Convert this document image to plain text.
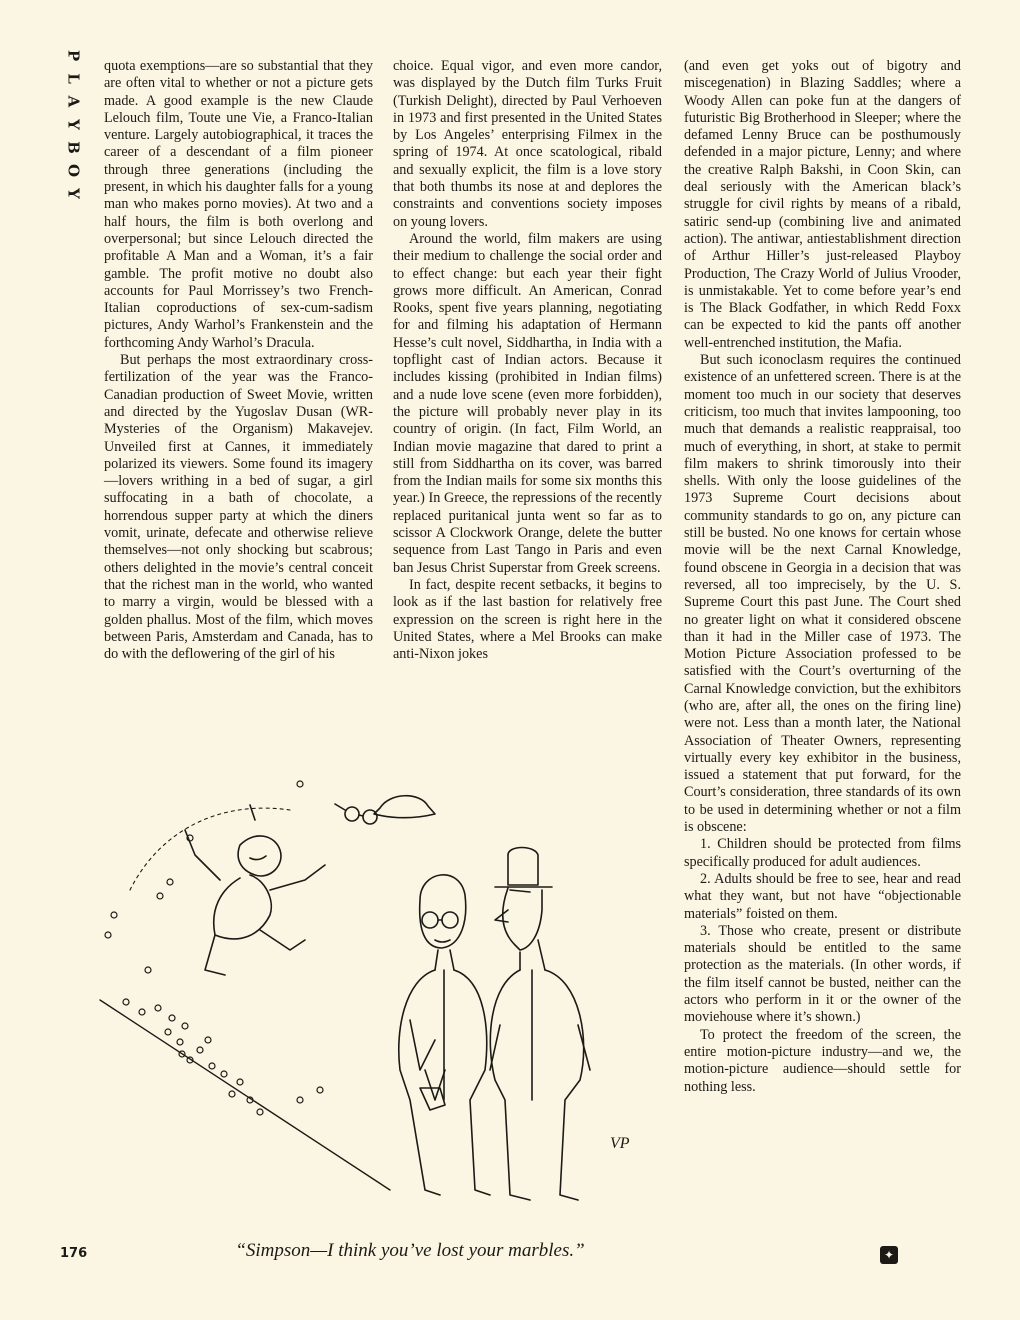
P
L
A
Y
B
O
Y

quota exemptions—are so substantial that they are often vital to whether or not a picture gets made. A good example is the new Claude Lelouch film, Toute une Vie, a Franco-Italian venture. Largely autobiographical, it traces the career of a descendant of a film pioneer through three generations (including the present, in which his daughter falls for a young man who makes porno movies). At two and a half hours, the film is both overlong and overpersonal; but since Lelouch directed the profitable A Man and a Woman, it’s a fair gamble. The profit motive no doubt also accounts for Paul Morrissey’s two French-Italian coproductions of sex-cum-sadism pictures, Andy Warhol’s Frankenstein and the forthcoming Andy Warhol’s Dracula.

But perhaps the most extraordinary cross-fertilization of the year was the Franco-Canadian production of Sweet Movie, written and directed by the Yugoslav Dusan (WR-Mysteries of the Organism) Makavejev. Unveiled first at Cannes, it immediately polarized its viewers. Some found its imagery—lovers writhing in a bed of sugar, a girl suffocating in a bath of chocolate, a horrendous supper party at which the diners vomit, urinate, defecate and otherwise relieve themselves—not only shocking but scabrous; others delighted in the movie’s central conceit that the richest man in the world, who wanted to marry a virgin, would be blessed with a golden phallus. Most of the film, which moves between Paris, Amsterdam and Canada, has to do with the deflowering of the girl of his

choice. Equal vigor, and even more candor, was displayed by the Dutch film Turks Fruit (Turkish Delight), directed by Paul Verhoeven in 1973 and first presented in the United States by Los Angeles’ enterprising Filmex in the spring of 1974. At once scatological, ribald and sexually explicit, the film is a love story that both thumbs its nose at and deplores the constraints and conventions society imposes on young lovers.

Around the world, film makers are using their medium to challenge the social order and to effect change: but each year their fight grows more difficult. An American, Conrad Rooks, spent five years planning, negotiating for and filming his adaptation of Hermann Hesse’s cult novel, Siddhartha, in India with a topflight cast of Indian actors. Because it includes kissing (prohibited in Indian films) and a nude love scene (even more forbidden), the picture will probably never play in its country of origin. (In fact, Film World, an Indian movie magazine that dared to print a still from Siddhartha on its cover, was barred from the Indian mails for some six months this year.) In Greece, the repressions of the recently replaced puritanical junta went so far as to scissor A Clockwork Orange, delete the butter sequence from Last Tango in Paris and even ban Jesus Christ Superstar from Greek screens.

In fact, despite recent setbacks, it begins to look as if the last bastion for relatively free expression on the screen is right here in the United States, where a Mel Brooks can make anti-Nixon jokes

(and even get yoks out of bigotry and miscegenation) in Blazing Saddles; where a Woody Allen can poke fun at the dangers of futuristic Big Brotherhood in Sleeper; where the defamed Lenny Bruce can be posthumously defended in a major picture, Lenny; and where the creative Ralph Bakshi, in Coon Skin, can deal seriously with the American black’s struggle for civil rights by means of a ribald, satiric send-up (combining live and animated action). The antiwar, antiestablishment direction of Arthur Hiller’s just-released Playboy Production, The Crazy World of Julius Vrooder, is unmistakable. Yet to come before year’s end is The Black Godfather, in which Redd Foxx can be expected to kid the pants off another well-entrenched institution, the Mafia.

But such iconoclasm requires the continued existence of an unfettered screen. There is at the moment too much in our society that deserves criticism, too much that invites lampooning, too much that demands a realistic reappraisal, too much of everything, in short, at stake to permit film makers to shrink timorously into their shells. With only the loose guidelines of the 1973 Supreme Court decisions about community standards to go on, any picture can still be busted. No one knows for certain whose movie will be the next Carnal Knowledge, found obscene in Georgia in a decision that was reversed, all too imprecisely, by the U. S. Supreme Court this past June. The Court shed no greater light on what it considered obscene than it had in the Miller case of 1973. The Motion Picture Association professed to be satisfied with the Court’s overturning of the Carnal Knowledge conviction, but the exhibitors (who are, after all, the ones on the firing line) were not. Less than a month later, the National Association of Theater Owners, representing virtually every key exhibitor in the business, issued a statement that put forward, for the Court’s consideration, three standards of its own to be used in determining whether or not a film is obscene:

1. Children should be protected from films specifically produced for adult audiences.

2. Adults should be free to see, hear and read what they want, but not have “objectionable materials” foisted on them.

3. Those who create, present or distribute materials should be entitled to the same protection as the materials. (In other words, if the film itself cannot be busted, neither can the actors who perform in it or the owner of the moviehouse where it’s shown.)

To protect the freedom of the screen, the entire motion-picture industry—and we, the motion-picture audience—should settle for nothing less.

VP
“Simpson—I think you’ve lost your marbles.”
176	✦
